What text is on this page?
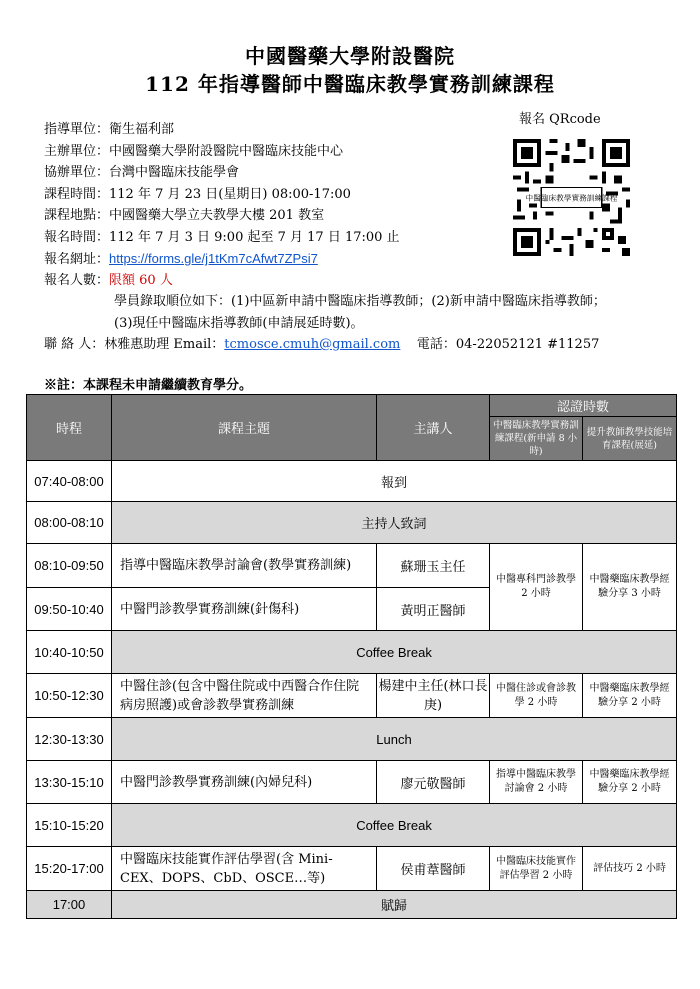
中國醫藥大學附設醫院
112 年指導醫師中醫臨床教學實務訓練課程
指導單位：衛生福利部
主辦單位：中國醫藥大學附設醫院中醫臨床技能中心
協辦單位：台灣中醫臨床技能學會
課程時間：112 年 7 月 23 日(星期日) 08:00-17:00
課程地點：中國醫藥大學立夫教學大樓 201 教室
報名時間：112 年 7 月 3 日 9:00 起至 7 月 17 日 17:00 止
報名網址：https://forms.gle/j1tKm7cAfwt7ZPsi7
報名人數：限額 60 人
學員錄取順位如下：(1)中區新申請中醫臨床指導教師；(2)新申請中醫臨床指導教師；
(3)現任中醫臨床指導教師(申請展延時數)。
聯 絡 人：林雅惠助理 Email：tcmosce.cmuh@gmail.com 電話：04-22052121 #11257
報名 QRcode
中醫臨床教學實務訓練課程
※註：本課程未申請繼續教育學分。
時程	課程主題	主講人	認證時數	
			中醫臨床教學實務訓練課程(新申請 8 小時)	提升教師教學技能培育課程(展延)
07:40-08:00	報到			
08:00-08:10	主持人致詞			
08:10-09:50	指導中醫臨床教學討論會(教學實務訓練)	蘇珊玉主任	中醫專科門診教學 2 小時	中醫藥臨床教學經驗分享 3 小時
09:50-10:40	中醫門診教學實務訓練(針傷科)	黃明正醫師		
10:40-10:50	Coffee Break			
10:50-12:30	中醫住診(包含中醫住院或中西醫合作住院病房照護)或會診教學實務訓練	楊建中主任(林口長庚)	中醫住診或會診教學 2 小時	中醫藥臨床教學經驗分享 2 小時
12:30-13:30	Lunch			
13:30-15:10	中醫門診教學實務訓練(內婦兒科)	廖元敬醫師	指導中醫臨床教學討論會 2 小時	中醫藥臨床教學經驗分享 2 小時
15:10-15:20	Coffee Break			
15:20-17:00	中醫臨床技能實作評估學習(含 Mini-CEX、DOPS、CbD、OSCE…等)	侯甫葦醫師	中醫臨床技能實作評估學習 2 小時	評估技巧 2 小時
17:00	賦歸			
